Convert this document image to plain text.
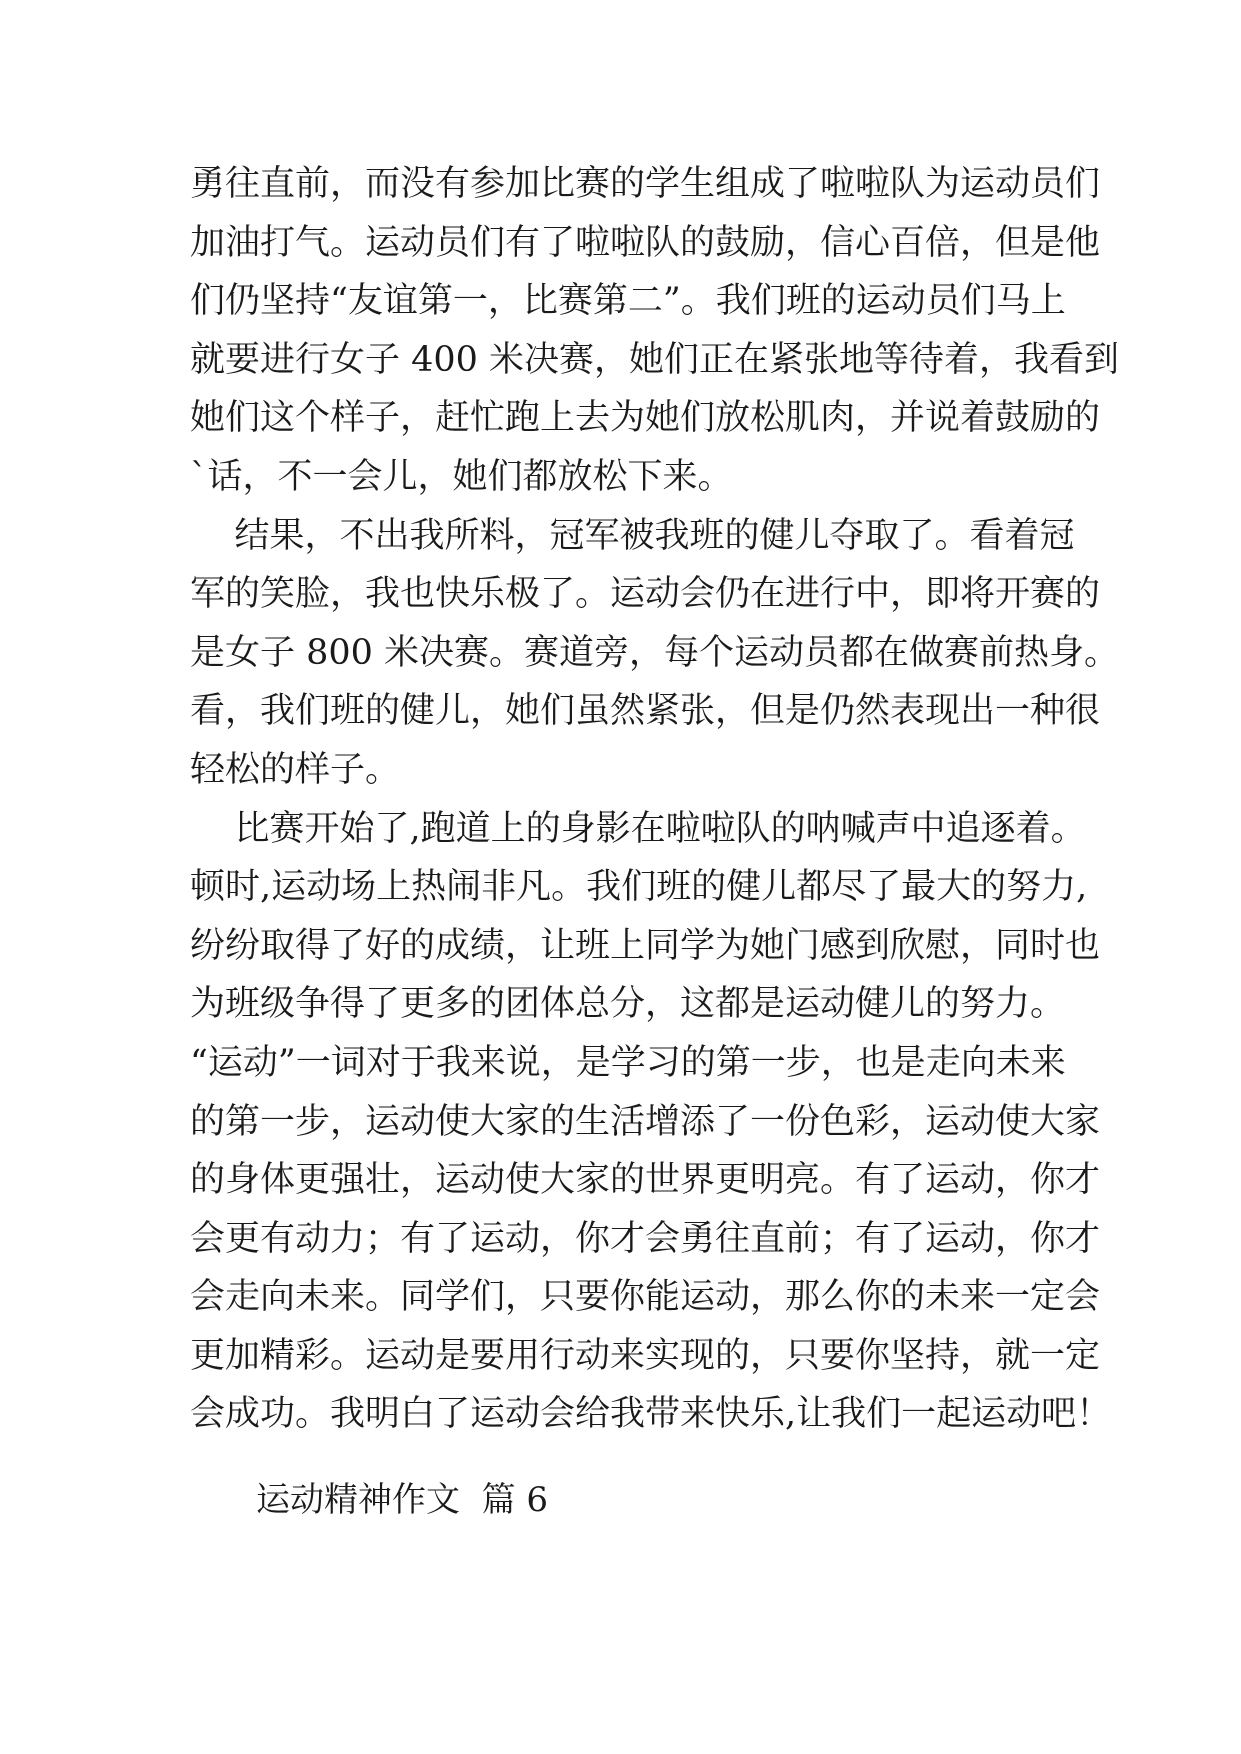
勇往直前，而没有参加比赛的学生组成了啦啦队为运动员们
加油打气。运动员们有了啦啦队的鼓励，信心百倍，但是他
们仍坚持“友谊第一，比赛第二”。我们班的运动员们马上
就要进行女子 400 米决赛，她们正在紧张地等待着，我看到
她们这个样子，赶忙跑上去为她们放松肌肉，并说着鼓励的
`话，不一会儿，她们都放松下来。
结果，不出我所料，冠军被我班的健儿夺取了。看着冠
军的笑脸，我也快乐极了。运动会仍在进行中，即将开赛的
是女子 800 米决赛。赛道旁，每个运动员都在做赛前热身。
看，我们班的健儿，她们虽然紧张，但是仍然表现出一种很
轻松的样子。
比赛开始了,跑道上的身影在啦啦队的呐喊声中追逐着。
顿时,运动场上热闹非凡。我们班的健儿都尽了最大的努力,
纷纷取得了好的成绩，让班上同学为她门感到欣慰，同时也
为班级争得了更多的团体总分，这都是运动健儿的努力。
“运动”一词对于我来说，是学习的第一步，也是走向未来
的第一步，运动使大家的生活增添了一份色彩，运动使大家
的身体更强壮，运动使大家的世界更明亮。有了运动，你才
会更有动力；有了运动，你才会勇往直前；有了运动，你才
会走向未来。同学们，只要你能运动，那么你的未来一定会
更加精彩。运动是要用行动来实现的，只要你坚持，就一定
会成功。我明白了运动会给我带来快乐,让我们一起运动吧！
运动精神作文  篇 6
